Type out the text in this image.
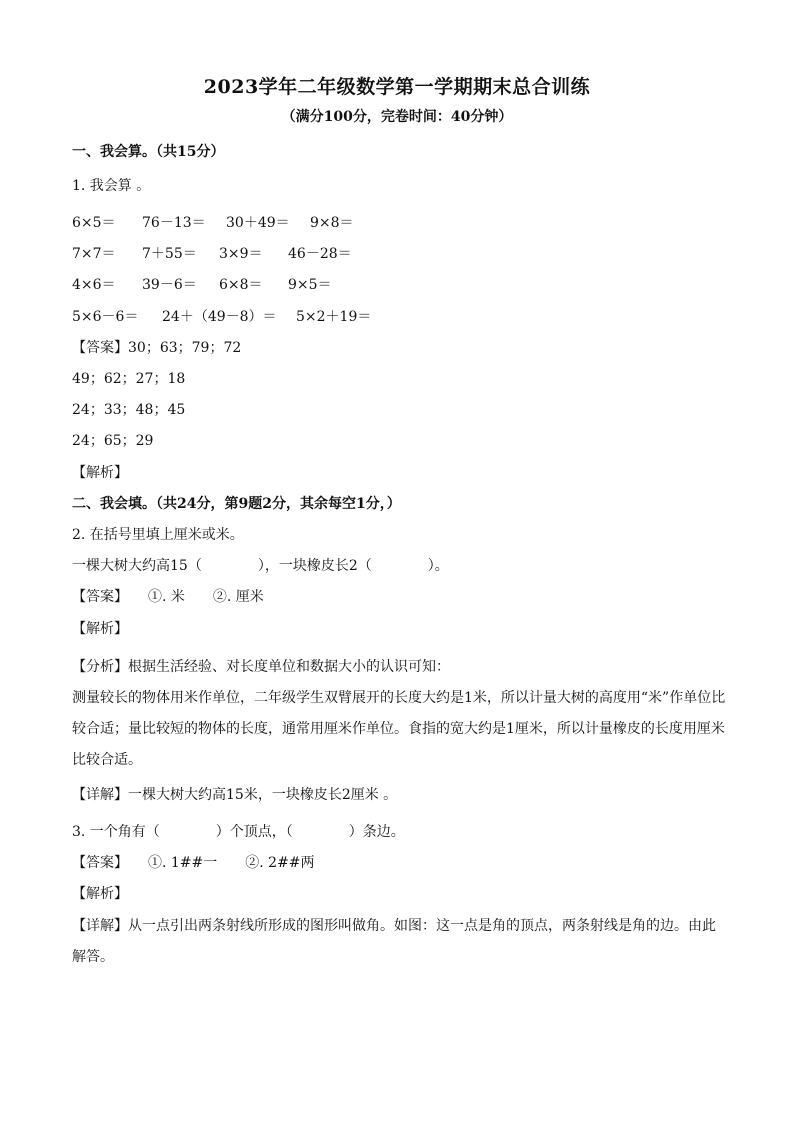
2023学年二年级数学第一学期期末总合训练
（满分100分，完卷时间：40分钟）
一、我会算。（共15分）
1. 我会算 。
6×5＝ 76－13＝ 30＋49＝ 9×8＝
7×7＝ 7＋55＝ 3×9＝ 46－28＝
4×6＝ 39－6＝ 6×8＝ 9×5＝
5×6－6＝ 24＋（49－8）＝ 5×2＋19＝
【答案】30；63；79；72
49；62；27；18
24；33；48；45
24；65；29
【解析】
二、我会填。（共24分，第9题2分，其余每空1分，）
2. 在括号里填上厘米或米。
一棵大树大约高15（　　　　），一块橡皮长2（　　　　）。
【答案】 ①. 米　　②. 厘米
【解析】
【分析】根据生活经验、对长度单位和数据大小的认识可知：
测量较长的物体用米作单位，二年级学生双臂展开的长度大约是1米，所以计量大树的高度用“米”作单位比较合适；量比较短的物体的长度，通常用厘米作单位。食指的宽大约是1厘米，所以计量橡皮的长度用厘米比较合适。
【详解】一棵大树大约高15米，一块橡皮长2厘米 。
3. 一个角有（　　　　）个顶点，（　　　　）条边。
【答案】 ①. 1##一　　②. 2##两
【解析】
【详解】从一点引出两条射线所形成的图形叫做角。如图：这一点是角的顶点，两条射线是角的边。由此解答。
